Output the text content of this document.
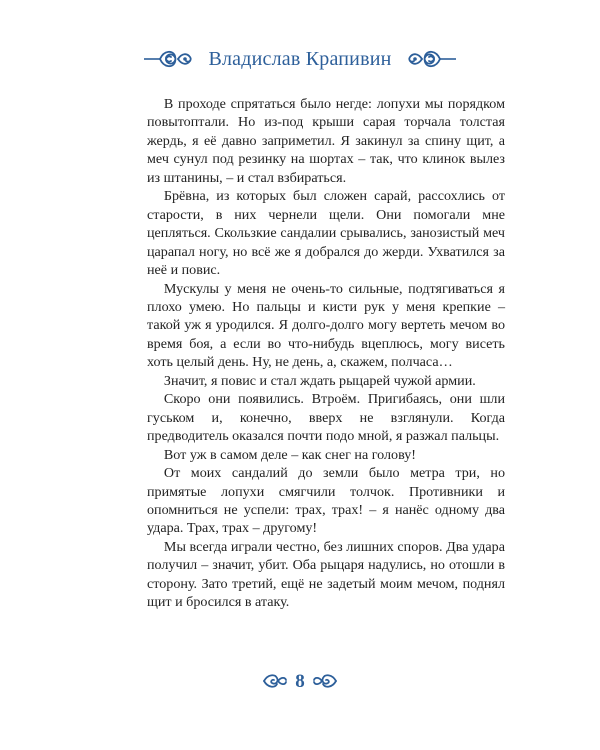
Владислав Крапивин

В проходе спрятаться было негде: лопухи мы порядком повытоптали. Но из-под крыши сарая торчала толстая жердь, я её давно заприметил. Я закинул за спину щит, а меч сунул под резинку на шортах – так, что клинок вылез из штанины, – и стал взбираться.

Брёвна, из которых был сложен сарай, рассохлись от старости, в них чернели щели. Они помогали мне цепляться. Скользкие сандалии срывались, занозистый меч царапал ногу, но всё же я добрался до жерди. Ухватился за неё и повис.

Мускулы у меня не очень-то сильные, подтягиваться я плохо умею. Но пальцы и кисти рук у меня крепкие – такой уж я уродился. Я долго-долго могу вертеть мечом во время боя, а если во что-нибудь вцеплюсь, могу висеть хоть целый день. Ну, не день, а, скажем, полчаса…

Значит, я повис и стал ждать рыцарей чужой армии.

Скоро они появились. Втроём. Пригибаясь, они шли гуськом и, конечно, вверх не взглянули. Когда предводитель оказался почти подо мной, я разжал пальцы.

Вот уж в самом деле – как снег на голову!

От моих сандалий до земли было метра три, но примятые лопухи смягчили толчок. Противники и опомниться не успели: трах, трах! – я нанёс одному два удара. Трах, трах – другому!

Мы всегда играли честно, без лишних споров. Два удара получил – значит, убит. Оба рыцаря надулись, но отошли в сторону. Зато третий, ещё не задетый моим мечом, поднял щит и бросился в атаку.

8
